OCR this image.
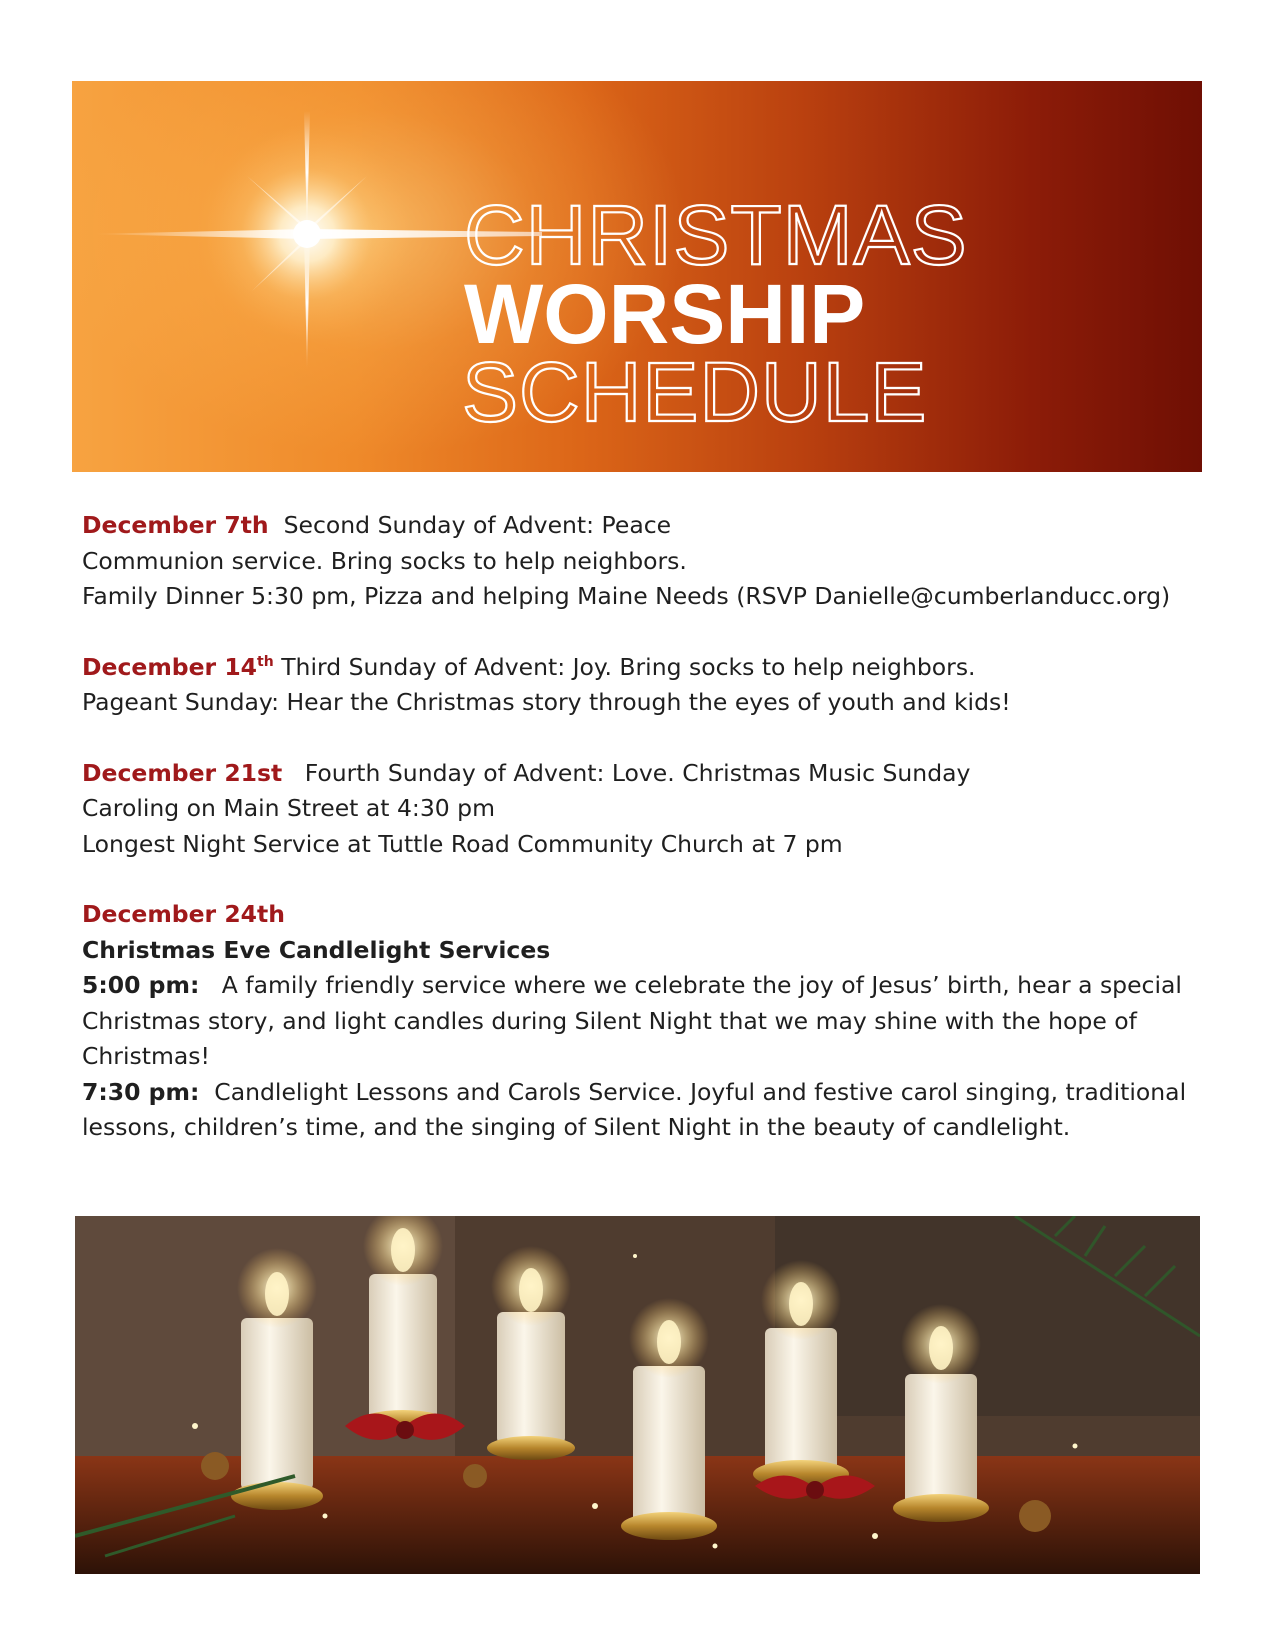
CHRISTMAS
WORSHIP
SCHEDULE
December 7th Second Sunday of Advent: Peace
Communion service. Bring socks to help neighbors.
Family Dinner 5:30 pm, Pizza and helping Maine Needs (RSVP Danielle@cumberlanducc.org)
December 14th Third Sunday of Advent: Joy. Bring socks to help neighbors.
Pageant Sunday: Hear the Christmas story through the eyes of youth and kids!
December 21st Fourth Sunday of Advent: Love. Christmas Music Sunday
Caroling on Main Street at 4:30 pm
Longest Night Service at Tuttle Road Community Church at 7 pm
December 24th
Christmas Eve Candlelight Services
5:00 pm: A family friendly service where we celebrate the joy of Jesus’ birth, hear a special Christmas story, and light candles during Silent Night that we may shine with the hope of Christmas!
7:30 pm: Candlelight Lessons and Carols Service. Joyful and festive carol singing, traditional lessons, children’s time, and the singing of Silent Night in the beauty of candlelight.
